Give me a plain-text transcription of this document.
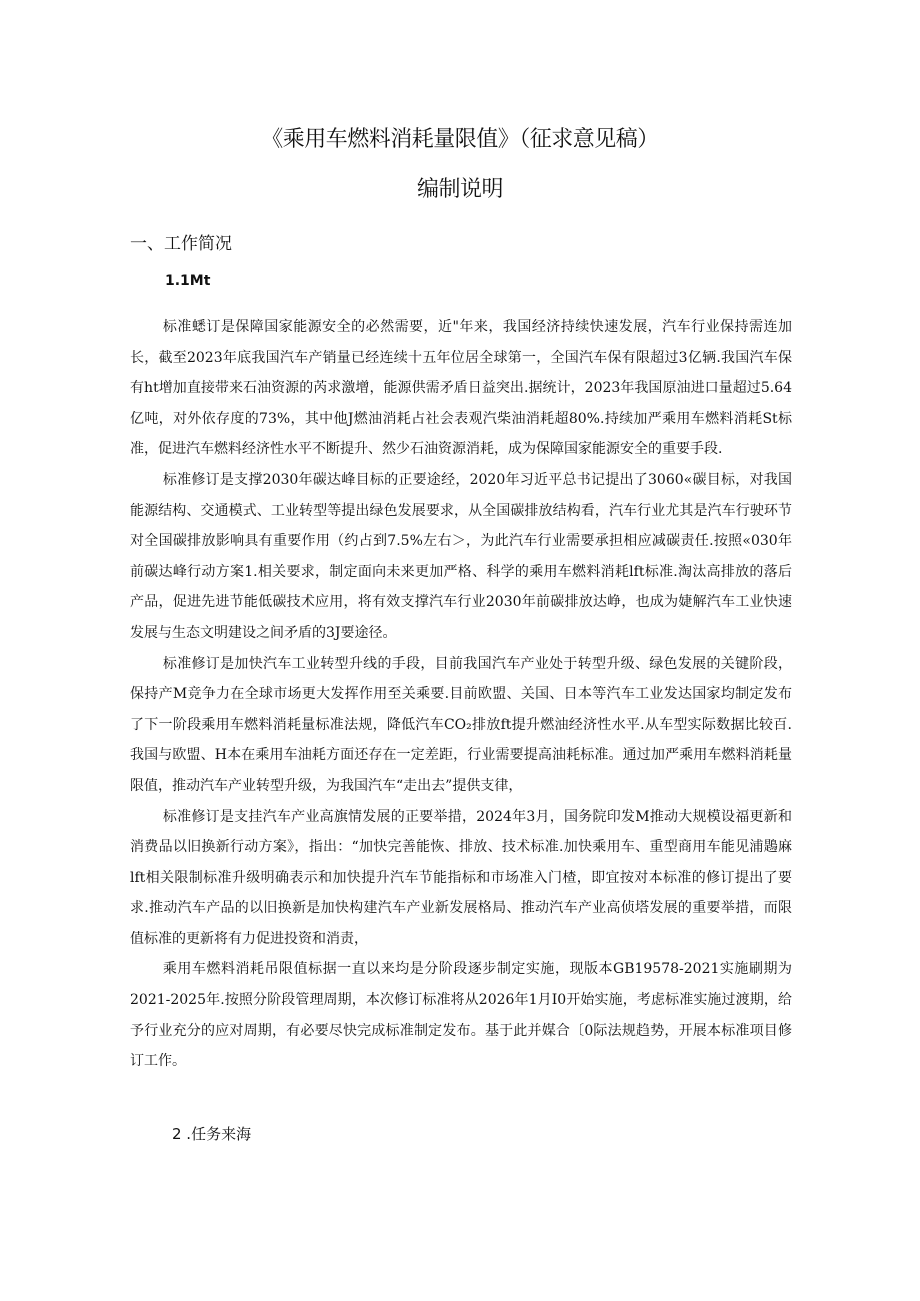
《乘用车燃料消耗量限值》（征求意见稿）
编制说明
一、工作简况
1.1Mt

标准蟋订是保障国家能源安全的必然需要，近"年来，我国经济持续快速发展，汽车行业保持需连加长，截至2023年底我国汽车产销量已经连续十五年位居全球第一，全国汽车保有限超过3亿辆.我国汽车保有ht增加直接带来石油资源的芮求激增，能源供需矛盾日益突出.据统计，2023年我国原油进口量超过5.64亿吨，对外依存度的73%，其中他J燃油消耗占社会表观汽柴油消耗超80%.持续加严乘用车燃料消耗St标准，促进汽车燃料经济性水平不断提升、然少石油资源消耗，成为保障国家能源安全的重要手段.

标准修订是支撑2030年碳达峰目标的正要途经，2020年习近平总书记提出了3060«碳目标，对我国能源结构、交通模式、工业转型等提出绿色发展要求，从全国碳排放结构看，汽车行业尤其是汽车行驶环节对全国碳排放影响具有重要作用（约占到7.5%左右＞，为此汽车行业需要承担相应减碳责任.按照«030年前碳达峰行动方案1.相关要求，制定面向未来更加严格、科学的乘用车燃料消耗lft标准.淘汰高排放的落后产品，促进先进节能低碳技术应用，将有效支撑汽车行业2030年前碳排放达峥，也成为婕解汽车工业快速发展与生态文明建设之间矛盾的3J要途径。

标准修订是加快汽车工业转型升线的手段，目前我国汽车产业处于转型升级、绿色发展的关键阶段，保持产M竞争力在全球市场更大发挥作用至关乘要.目前欧盟、关国、日本等汽车工业发达国家均制定发布了下一阶段乘用车燃料消耗量标准法规，降低汽车CO₂排放ft提升燃油经济性水平.从车型实际数据比较百.我国与欧盟、H本在乘用车油耗方面还存在一定差距，行业需要提高油耗标准。通过加严乘用车燃料消耗量限值，推动汽车产业转型升级，为我国汽车“走出去”提供支律，

标准修订是支挂汽车产业高旗情发展的正要举措，2024年3月，国务院印发M推动大规模设福更新和消费品以旧换新行动方案》，指出：“加快完善能恢、排放、技术标准.加快乘用车、重型商用车能见浦鶗麻lft相关限制标准升级明确表示和加快提升汽车节能指标和市场准入门楂，即宜按对本标准的修订提出了要求.推动汽车产品的以旧换新是加快构建汽车产业新发展格局、推动汽车产业高侦塔发展的重要举措，而限值标准的更新将有力促进投资和消责，

乘用车燃料消耗吊限值标据一直以来均是分阶段逐步制定实施，现版本GB19578-2021实施刷期为2021-2025年.按照分阶段管理周期，本次修订标准将从2026年1月I0开始实施，考虑标准实施过渡期，给予行业充分的应对周期，有必要尽快完成标准制定发布。基于此并媒合〔0际法规趋势，开展本标准项目修订工作。

2 .任务来海
